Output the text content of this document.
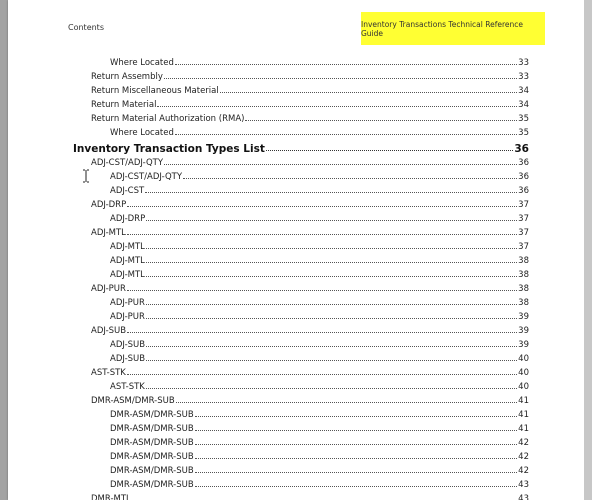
Contents	Inventory Transactions Technical Reference Guide
Where Located	33
Return Assembly	33
Return Miscellaneous Material	34
Return Material	34
Return Material Authorization (RMA)	35
Where Located	35
Inventory Transaction Types List	36
ADJ-CST/ADJ-QTY	36
ADJ-CST/ADJ-QTY	36
ADJ-CST	36
ADJ-DRP	37
ADJ-DRP	37
ADJ-MTL	37
ADJ-MTL	37
ADJ-MTL	38
ADJ-MTL	38
ADJ-PUR	38
ADJ-PUR	38
ADJ-PUR	39
ADJ-SUB	39
ADJ-SUB	39
ADJ-SUB	40
AST-STK	40
AST-STK	40
DMR-ASM/DMR-SUB	41
DMR-ASM/DMR-SUB	41
DMR-ASM/DMR-SUB	41
DMR-ASM/DMR-SUB	42
DMR-ASM/DMR-SUB	42
DMR-ASM/DMR-SUB	42
DMR-ASM/DMR-SUB	43
DMR-MTL	43
